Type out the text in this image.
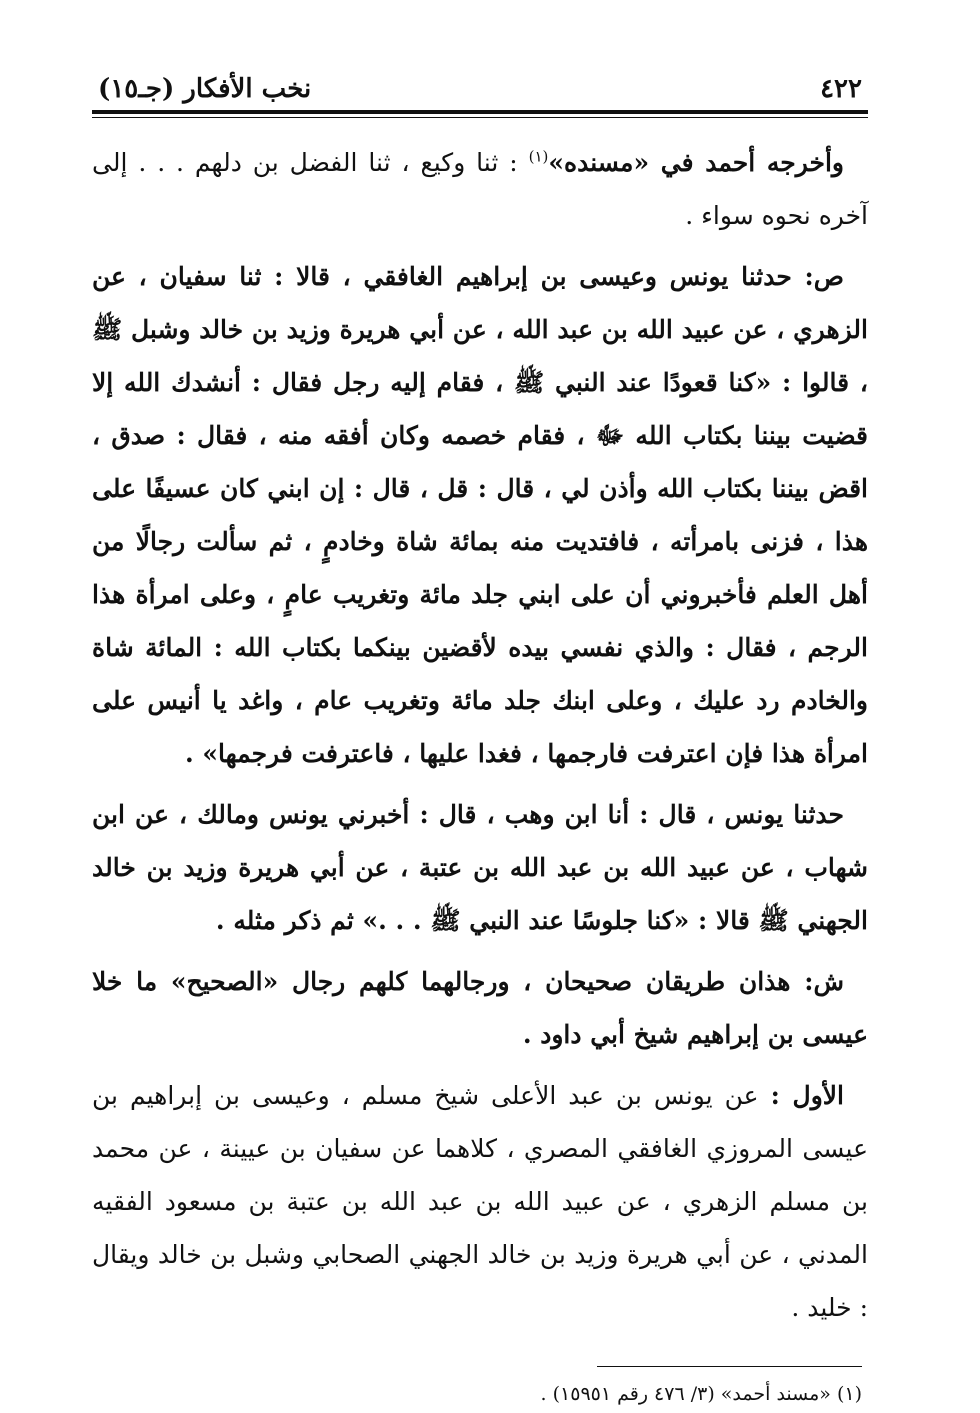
٤٢٢
نخب الأفكار (جـ١٥)

وأخرجه أحمد في «مسنده»$^{(١)}$ : ثنا وكيع ، ثنا الفضل بن دلهم . . . إلى آخره نحوه سواء .

ص: حدثنا يونس وعيسى بن إبراهيم الغافقي ، قالا : ثنا سفيان ، عن الزهري ، عن عبيد الله بن عبد الله ، عن أبي هريرة وزيد بن خالد وشبل ﷺ ، قالوا : «كنا قعودًا عند النبي ﷺ ، فقام إليه رجل فقال : أنشدك الله إلا قضيت بيننا بكتاب الله ﷻ ، فقام خصمه وكان أفقه منه ، فقال : صدق ، اقض بيننا بكتاب الله وأذن لي ، قال : قل ، قال : إن ابني كان عسيفًا على هذا ، فزنى بامرأته ، فافتديت منه بمائة شاة وخادمٍ ، ثم سألت رجالًا من أهل العلم فأخبروني أن على ابني جلد مائة وتغريب عامٍ ، وعلى امرأة هذا الرجم ، فقال : والذي نفسي بيده لأقضين بينكما بكتاب الله : المائة شاة والخادم رد عليك ، وعلى ابنك جلد مائة وتغريب عام ، واغد يا أنيس على امرأة هذا فإن اعترفت فارجمها ، فغدا عليها ، فاعترفت فرجمها» .

حدثنا يونس ، قال : أنا ابن وهب ، قال : أخبرني يونس ومالك ، عن ابن شهاب ، عن عبيد الله بن عبد الله بن عتبة ، عن أبي هريرة وزيد بن خالد الجهني ﷺ قالا : «كنا جلوسًا عند النبي ﷺ . . .» ثم ذكر مثله .

ش: هذان طريقان صحيحان ، ورجالهما كلهم رجال «الصحيح» ما خلا عيسى بن إبراهيم شيخ أبي داود .

الأول : عن يونس بن عبد الأعلى شيخ مسلم ، وعيسى بن إبراهيم بن عيسى المروزي الغافقي المصري ، كلاهما عن سفيان بن عيينة ، عن محمد بن مسلم الزهري ، عن عبيد الله بن عبد الله بن عتبة بن مسعود الفقيه المدني ، عن أبي هريرة وزيد بن خالد الجهني الصحابي وشبل بن خالد ويقال : خليد .

(١) «مسند أحمد» (٣/ ٤٧٦ رقم ١٥٩٥١) .
